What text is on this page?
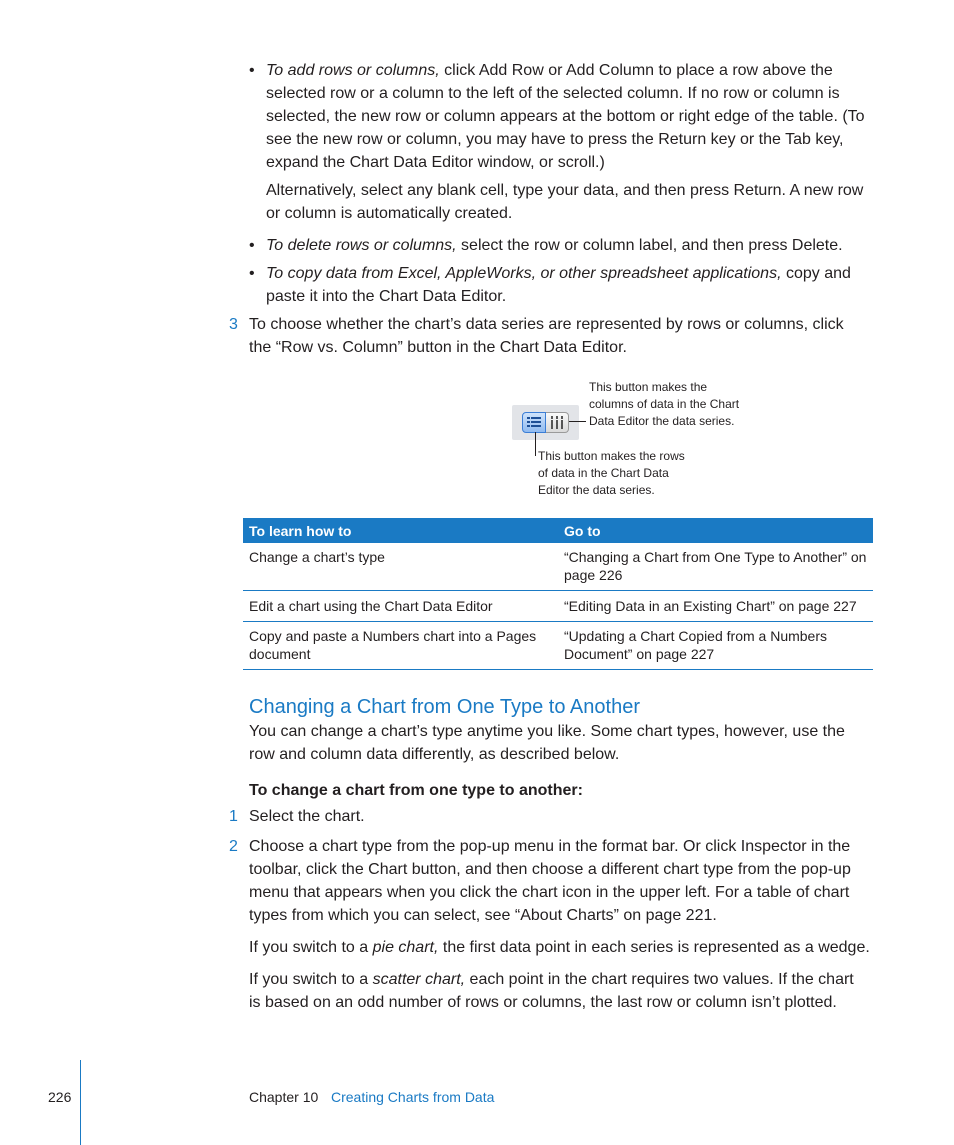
• To add rows or columns, click Add Row or Add Column to place a row above the selected row or a column to the left of the selected column. If no row or column is selected, the new row or column appears at the bottom or right edge of the table. (To see the new row or column, you may have to press the Return key or the Tab key, expand the Chart Data Editor window, or scroll.)
Alternatively, select any blank cell, type your data, and then press Return. A new row or column is automatically created.
• To delete rows or columns, select the row or column label, and then press Delete.
• To copy data from Excel, AppleWorks, or other spreadsheet applications, copy and paste it into the Chart Data Editor.
3 To choose whether the chart’s data series are represented by rows or columns, click the “Row vs. Column” button in the Chart Data Editor.
This button makes the columns of data in the Chart Data Editor the data series.
This button makes the rows of data in the Chart Data Editor the data series.
To learn how to	Go to
Change a chart’s type	“Changing a Chart from One Type to Another” on page 226
Edit a chart using the Chart Data Editor	“Editing Data in an Existing Chart” on page 227
Copy and paste a Numbers chart into a Pages document	“Updating a Chart Copied from a Numbers Document” on page 227
Changing a Chart from One Type to Another
You can change a chart’s type anytime you like. Some chart types, however, use the row and column data differently, as described below.
To change a chart from one type to another:
1 Select the chart.
2 Choose a chart type from the pop-up menu in the format bar. Or click Inspector in the toolbar, click the Chart button, and then choose a different chart type from the pop-up menu that appears when you click the chart icon in the upper left. For a table of chart types from which you can select, see “About Charts” on page 221.
If you switch to a pie chart, the first data point in each series is represented as a wedge.
If you switch to a scatter chart, each point in the chart requires two values. If the chart is based on an odd number of rows or columns, the last row or column isn’t plotted.
226	Chapter 10 Creating Charts from Data
